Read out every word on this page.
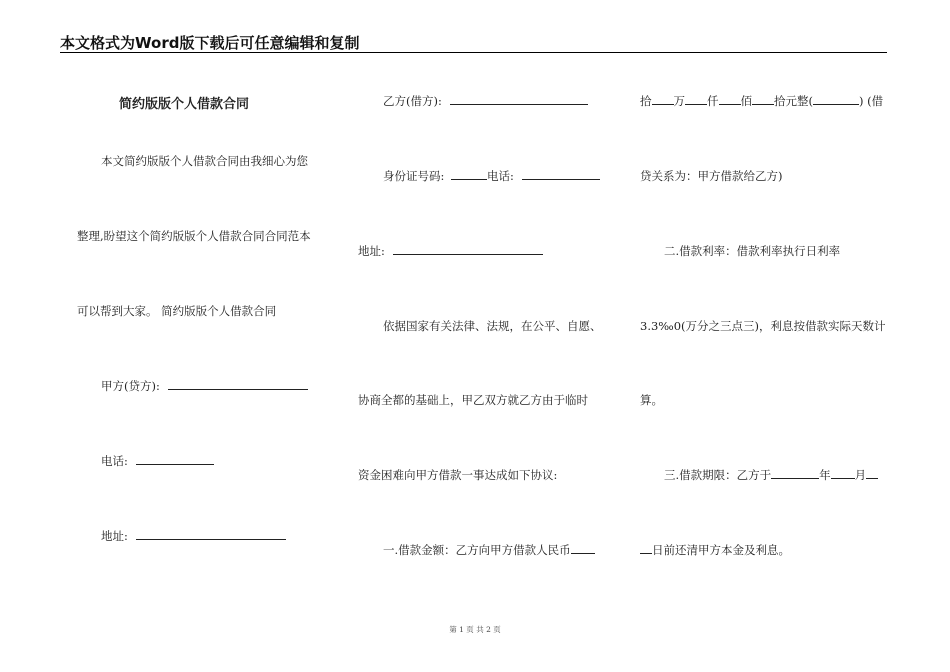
本文格式为Word版下载后可任意编辑和复制
简约版版个人借款合同
本文简约版版个人借款合同由我细心为您
整理,盼望这个简约版版个人借款合同合同范本
可以帮到大家。 简约版版个人借款合同
甲方(贷方):
电话:
地址:
乙方(借方):
身份证号码:	电话:
地址:
依据国家有关法律、法规，在公平、自愿、
协商全都的基础上，甲乙双方就乙方由于临时
资金困难向甲方借款一事达成如下协议:
一.借款金额：乙方向甲方借款人民币
拾 万 仟 佰 拾元整(	) (借
贷关系为：甲方借款给乙方)
二.借款利率：借款利率执行日利率
3.3‰0(万分之三点三)，利息按借款实际天数计
算。
三.借款期限：乙方于	年 月
日前还清甲方本金及利息。
第 1 页 共 2 页
